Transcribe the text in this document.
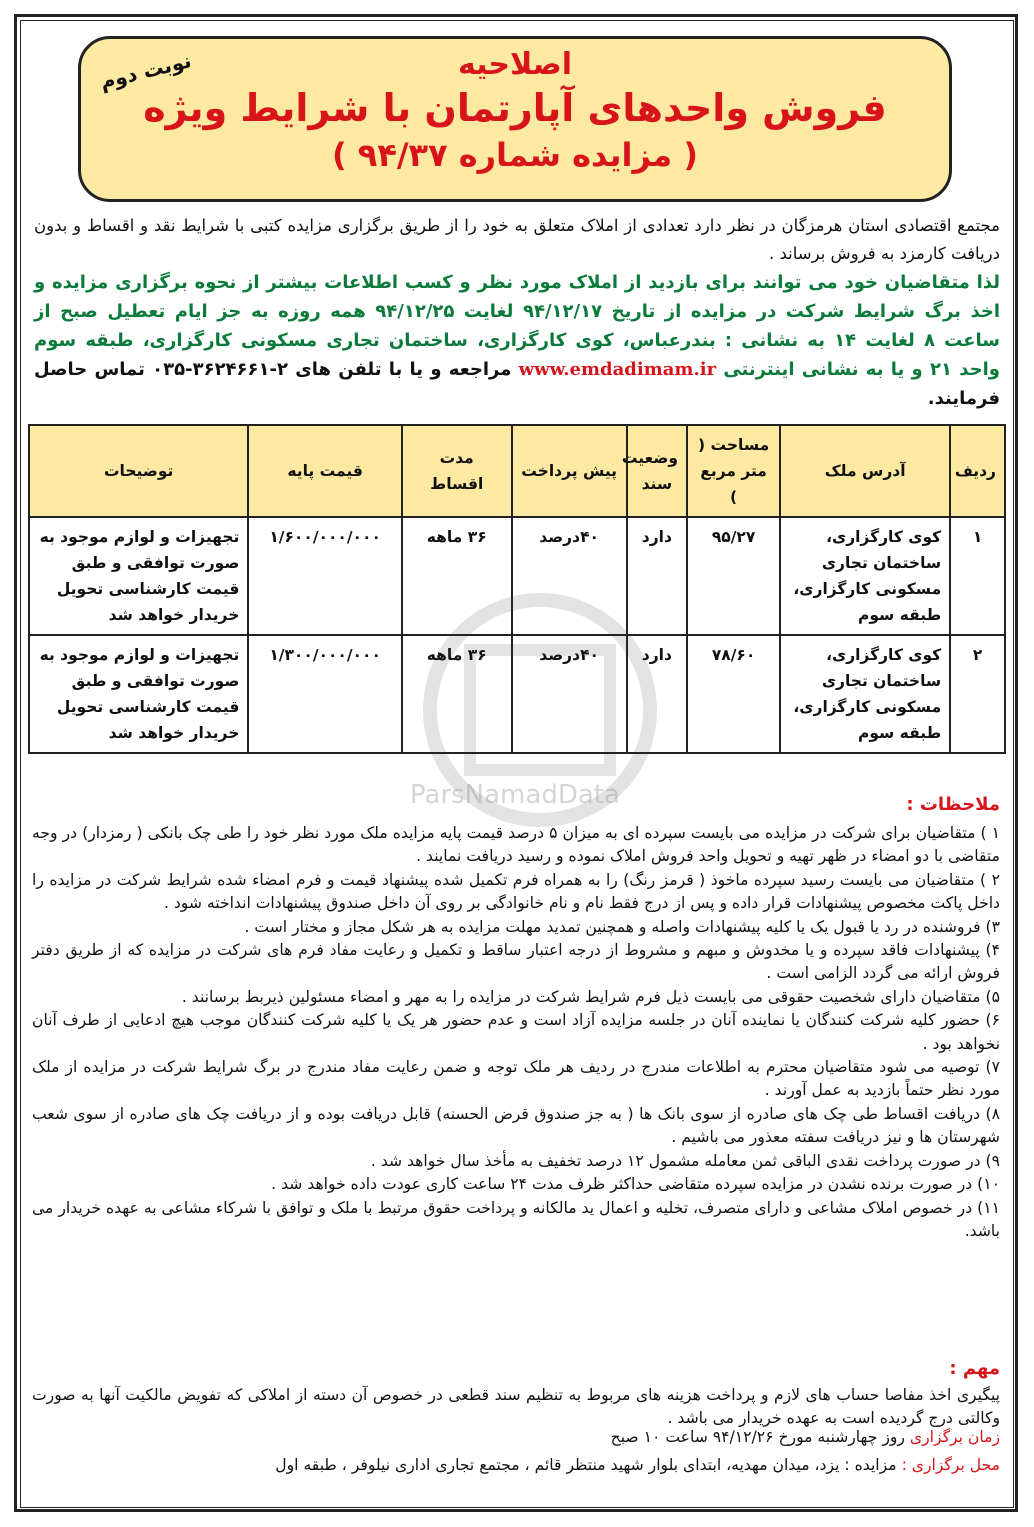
نوبت دوم	اصلاحیه
فروش واحدهای آپارتمان با شرایط ویژه
( مزایده شماره ۹۴/۳۷ )
مجتمع اقتصادی استان هرمزگان در نظر دارد تعدادی از املاک متعلق به خود را از طریق برگزاری مزایده کتبی با شرایط نقد و اقساط و بدون دریافت کارمزد به فروش برساند .
لذا متقاضیان خود می توانند برای بازدید از املاک مورد نظر و کسب اطلاعات بیشتر از نحوه برگزاری مزایده و اخذ برگ شرایط شرکت در مزایده از تاریخ ۹۴/۱۲/۱۷ لغایت ۹۴/۱۲/۲۵ همه روزه به جز ایام تعطیل صبح از ساعت ۸ لغایت ۱۴ به نشانی : بندرعباس، کوی کارگزاری، ساختمان تجاری مسکونی کارگزاری، طبقه سوم واحد ۲۱ و یا به نشانی اینترنتی www.emdadimam.ir مراجعه و یا با تلفن های ۲-۳۶۲۴۶۶۱-۰۳۵ تماس حاصل فرمایند.
ردیف	آدرس ملک	مساحت ( متر مربع )	وضعیت سند	پیش پرداخت	مدت اقساط	قیمت پایه	توضیحات
۱	کوی کارگزاری، ساختمان تجاری مسکونی کارگزاری، طبقه سوم	۹۵/۲۷	دارد	۴۰درصد	۳۶ ماهه	۱/۶۰۰/۰۰۰/۰۰۰	تجهیزات و لوازم موجود به صورت توافقی و طبق قیمت کارشناسی تحویل خریدار خواهد شد
۲	کوی کارگزاری، ساختمان تجاری مسکونی کارگزاری، طبقه سوم	۷۸/۶۰	دارد	۴۰درصد	۳۶ ماهه	۱/۳۰۰/۰۰۰/۰۰۰	تجهیزات و لوازم موجود به صورت توافقی و طبق قیمت کارشناسی تحویل خریدار خواهد شد
ParsNamadData	ملاحظات :

۱ ) متقاضیان برای شرکت در مزایده می بایست سپرده ای به میزان ۵ درصد قیمت پایه مزایده ملک مورد نظر خود را طی چک بانکی ( رمزدار) در وجه متقاضی با دو امضاء در ظهر تهیه و تحویل واحد فروش املاک نموده و رسید دریافت نمایند .

۲ ) متقاضیان می بایست رسید سپرده ماخوذ ( قرمز رنگ) را به همراه فرم تکمیل شده پیشنهاد قیمت و فرم امضاء شده شرایط شرکت در مزایده را داخل پاکت مخصوص پیشنهادات قرار داده و پس از درج فقط نام و نام خانوادگی بر روی آن داخل صندوق پیشنهادات انداخته شود .

۳) فروشنده در رد یا قبول یک یا کلیه پیشنهادات واصله و همچنین تمدید مهلت مزایده به هر شکل مجاز و مختار است .

۴) پیشنهادات فاقد سپرده و یا مخدوش و مبهم و مشروط از درجه اعتبار ساقط و تکمیل و رعایت مفاد فرم های شرکت در مزایده که از طریق دفتر فروش ارائه می گردد الزامی است .

۵) متقاضیان دارای شخصیت حقوقی می بایست ذیل فرم شرایط شرکت در مزایده را به مهر و امضاء مسئولین ذیربط برسانند .

۶) حضور کلیه شرکت کنندگان یا نماینده آنان در جلسه مزایده آزاد است و عدم حضور هر یک یا کلیه شرکت کنندگان موجب هیچ ادعایی از طرف آنان نخواهد بود .

۷) توصیه می شود متقاضیان محترم به اطلاعات مندرج در ردیف هر ملک توجه و ضمن رعایت مفاد مندرج در برگ شرایط شرکت در مزایده از ملک مورد نظر حتماً بازدید به عمل آورند .

۸) دریافت اقساط طی چک های صادره از سوی بانک ها ( به جز صندوق قرض الحسنه) قابل دریافت بوده و از دریافت چک های صادره از سوی شعب شهرستان ها و نیز دریافت سفته معذور می باشیم .

۹) در صورت پرداخت نقدی الباقی ثمن معامله مشمول ۱۲ درصد تخفیف به مأخذ سال خواهد شد .

۱۰) در صورت برنده نشدن در مزایده سپرده متقاضی حداکثر ظرف مدت ۲۴ ساعت کاری عودت داده خواهد شد .

۱۱) در خصوص املاک مشاعی و دارای متصرف، تخلیه و اعمال ید مالکانه و پرداخت حقوق مرتبط با ملک و توافق با شرکاء مشاعی به عهده خریدار می باشد.

مهم :
پیگیری اخذ مفاصا حساب های لازم و پرداخت هزینه های مربوط به تنظیم سند قطعی در خصوص آن دسته از املاکی که تفویض مالکیت آنها به صورت وکالتی درج گردیده است به عهده خریدار می باشد .
زمان برگزاری روز چهارشنبه مورخ ۹۴/۱۲/۲۶ ساعت ۱۰ صبح
محل برگزاری : مزایده : یزد، میدان مهدیه، ابتدای بلوار شهید منتظر قائم ، مجتمع تجاری اداری نیلوفر ، طبقه اول
